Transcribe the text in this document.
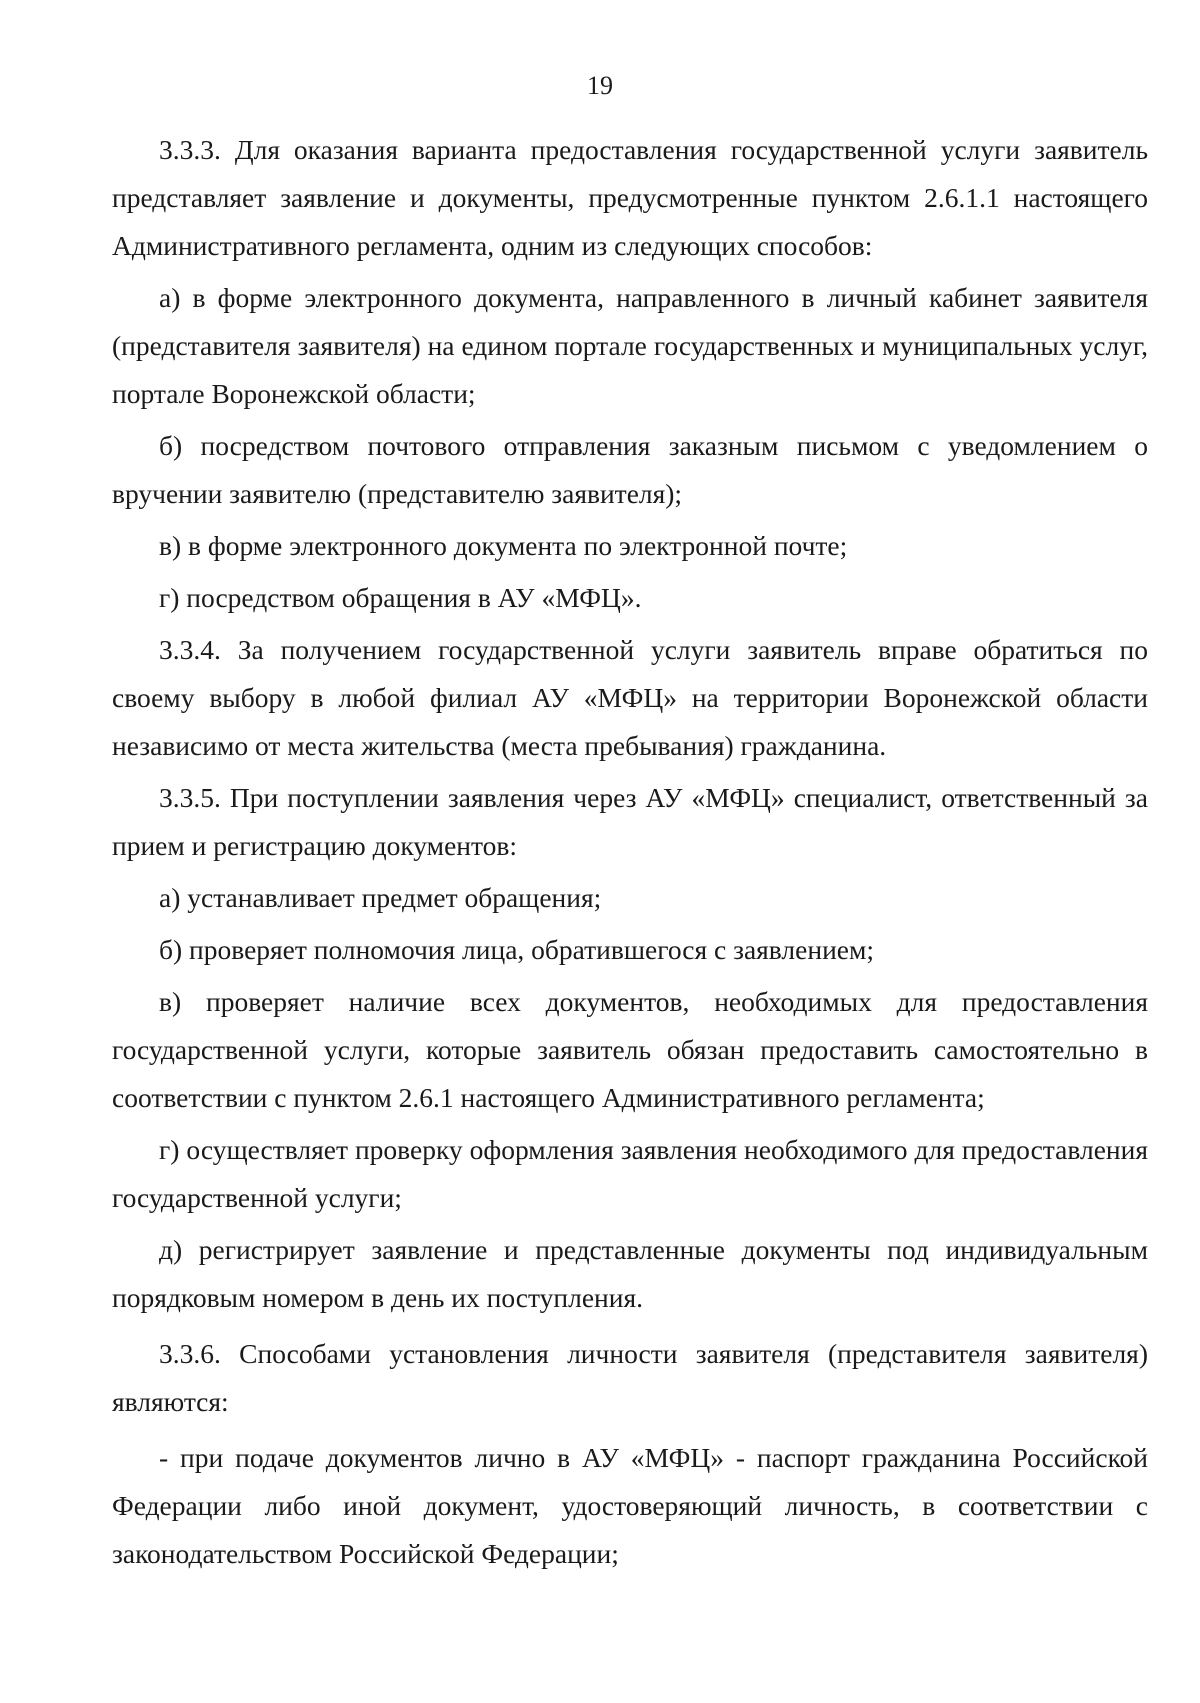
19

3.3.3. Для оказания варианта предоставления государственной услуги заявитель представляет заявление и документы, предусмотренные пунктом 2.6.1.1 настоящего Административного регламента, одним из следующих способов:

а) в форме электронного документа, направленного в личный кабинет заявителя (представителя заявителя) на едином портале государственных и муниципальных услуг, портале Воронежской области;

б) посредством почтового отправления заказным письмом с уведомлением о вручении заявителю (представителю заявителя);

в) в форме электронного документа по электронной почте;

г) посредством обращения в АУ «МФЦ».

3.3.4. За получением государственной услуги заявитель вправе обратиться по своему выбору в любой филиал АУ «МФЦ» на территории Воронежской области независимо от места жительства (места пребывания) гражданина.

3.3.5. При поступлении заявления через АУ «МФЦ» специалист, ответственный за прием и регистрацию документов:

а) устанавливает предмет обращения;

б) проверяет полномочия лица, обратившегося с заявлением;

в) проверяет наличие всех документов, необходимых для предоставления государственной услуги, которые заявитель обязан предоставить самостоятельно в соответствии с пунктом 2.6.1 настоящего Административного регламента;

г) осуществляет проверку оформления заявления необходимого для предоставления государственной услуги;

д) регистрирует заявление и представленные документы под индивидуальным порядковым номером в день их поступления.

3.3.6. Способами установления личности заявителя (представителя заявителя) являются:

- при подаче документов лично в АУ «МФЦ» - паспорт гражданина Российской Федерации либо иной документ, удостоверяющий личность, в соответствии с законодательством Российской Федерации;
